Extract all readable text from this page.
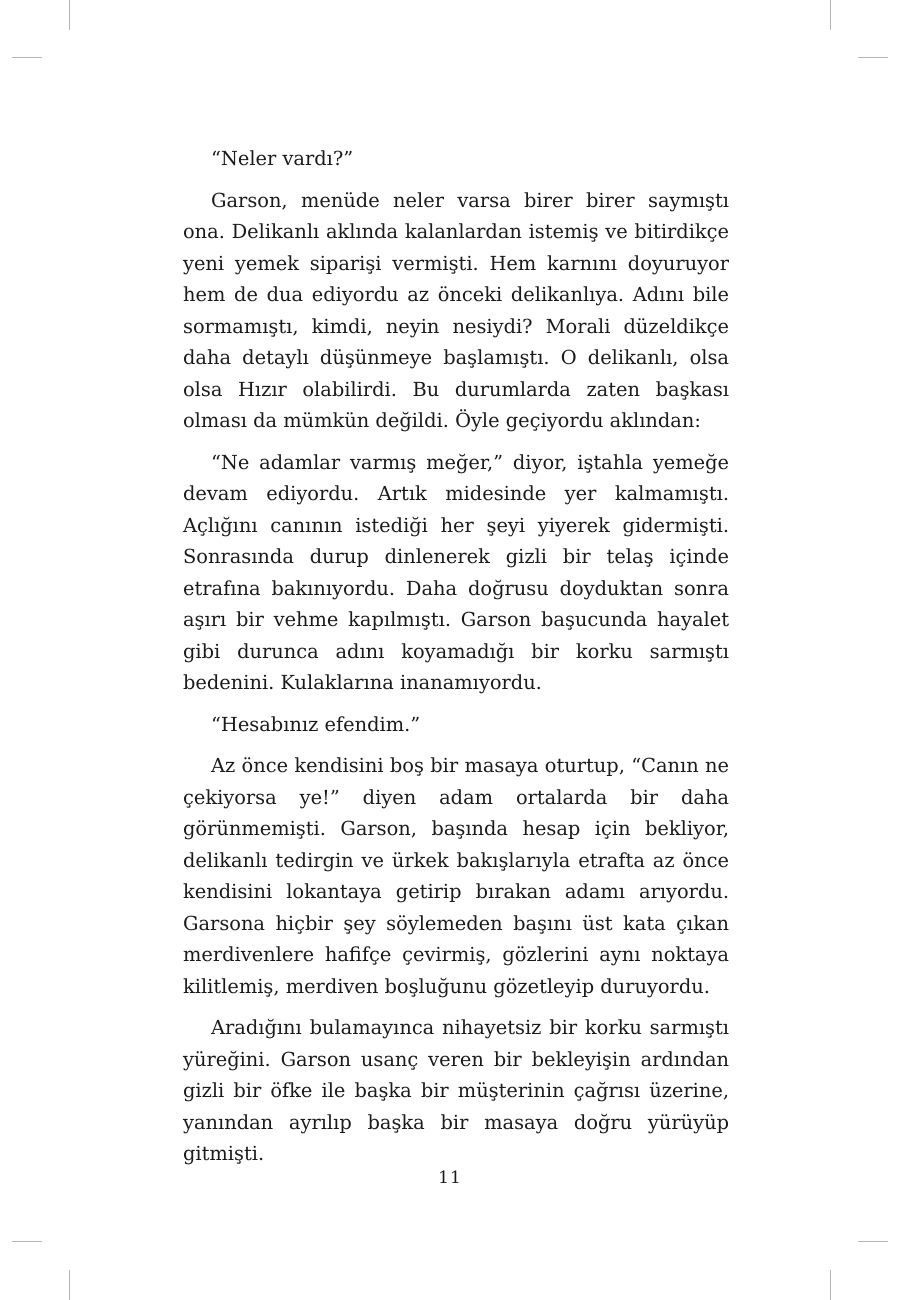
“Neler vardı?”

Garson, menüde neler varsa birer birer saymıştı ona. Delikanlı aklında kalanlardan istemiş ve bitirdikçe yeni yemek siparişi vermişti. Hem karnını doyuruyor hem de dua ediyordu az önceki delikanlıya. Adını bile sormamıştı, kimdi, neyin nesiydi? Morali düzeldikçe daha detaylı düşünmeye başlamıştı. O delikanlı, olsa olsa Hızır olabilirdi. Bu durumlarda zaten başkası olması da mümkün değildi. Öyle geçiyordu aklından:

“Ne adamlar varmış meğer,” diyor, iştahla yemeğe devam ediyordu. Artık midesinde yer kalmamıştı. Açlığını canının istediği her şeyi yiyerek gidermişti. Sonrasında durup dinlenerek gizli bir telaş içinde etrafına bakınıyordu. Daha doğrusu doyduktan sonra aşırı bir vehme kapılmıştı. Garson başucunda hayalet gibi durunca adını koyamadığı bir korku sarmıştı bedenini. Kulaklarına inanamıyordu.

“Hesabınız efendim.”

Az önce kendisini boş bir masaya oturtup, “Canın ne çekiyorsa ye!” diyen adam ortalarda bir daha görünmemişti. Garson, başında hesap için bekliyor, delikanlı tedirgin ve ürkek bakışlarıyla etrafta az önce kendisini lokantaya getirip bırakan adamı arıyordu. Garsona hiçbir şey söylemeden başını üst kata çıkan merdivenlere hafifçe çevirmiş, gözlerini aynı noktaya kilitlemiş, merdiven boşluğunu gözetleyip duruyordu.

Aradığını bulamayınca nihayetsiz bir korku sarmıştı yüreğini. Garson usanç veren bir bekleyişin ardından gizli bir öfke ile başka bir müşterinin çağrısı üzerine, yanından ayrılıp başka bir masaya doğru yürüyüp gitmişti.

11
